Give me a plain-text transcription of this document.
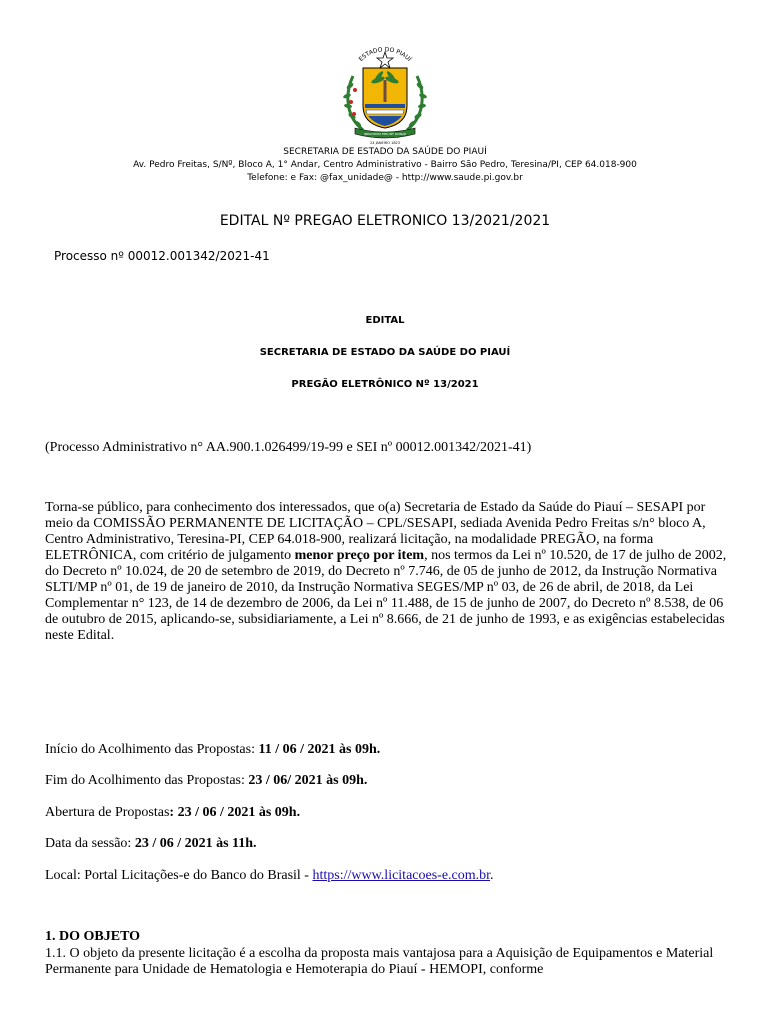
ESTADO DO PIAUÍ
IMPAVIDUM FERUNT RUINAE
24 JANEIRO 1823
SECRETARIA DE ESTADO DA SAÚDE DO PIAUÍ
Av. Pedro Freitas, S/Nº, Bloco A, 1° Andar, Centro Administrativo - Bairro São Pedro, Teresina/PI, CEP 64.018-900
Telefone: e Fax: @fax_unidade@ - http://www.saude.pi.gov.br
EDITAL Nº PREGAO ELETRONICO 13/2021/2021
Processo nº 00012.001342/2021-41
EDITAL
SECRETARIA DE ESTADO DA SAÚDE DO PIAUÍ
PREGÃO ELETRÔNICO Nº 13/2021
(Processo Administrativo n° AA.900.1.026499/19-99 e SEI nº 00012.001342/2021-41)
Torna-se público, para conhecimento dos interessados, que o(a) Secretaria de Estado da Saúde do Piauí – SESAPI por meio da COMISSÃO PERMANENTE DE LICITAÇÃO – CPL/SESAPI, sediada Avenida Pedro Freitas s/n° bloco A, Centro Administrativo, Teresina-PI, CEP 64.018-900, realizará licitação, na modalidade PREGÃO, na forma ELETRÔNICA, com critério de julgamento menor preço por item, nos termos da Lei nº 10.520, de 17 de julho de 2002, do Decreto nº 10.024, de 20 de setembro de 2019, do Decreto nº 7.746, de 05 de junho de 2012, da Instrução Normativa SLTI/MP nº 01, de 19 de janeiro de 2010, da Instrução Normativa SEGES/MP nº 03, de 26 de abril, de 2018, da Lei Complementar n° 123, de 14 de dezembro de 2006, da Lei nº 11.488, de 15 de junho de 2007, do Decreto nº 8.538, de 06 de outubro de 2015, aplicando-se, subsidiariamente, a Lei nº 8.666, de 21 de junho de 1993, e as exigências estabelecidas neste Edital.
Início do Acolhimento das Propostas: 11 / 06 / 2021 às 09h.
Fim do Acolhimento das Propostas: 23 / 06/ 2021 às 09h.
Abertura de Propostas: 23 / 06 / 2021 às 09h.
Data da sessão: 23 / 06 / 2021 às 11h.
Local: Portal Licitações-e do Banco do Brasil - https://www.licitacoes-e.com.br.
1. DO OBJETO
1.1. O objeto da presente licitação é a escolha da proposta mais vantajosa para a Aquisição de Equipamentos e Material Permanente para Unidade de Hematologia e Hemoterapia do Piauí - HEMOPI, conforme
